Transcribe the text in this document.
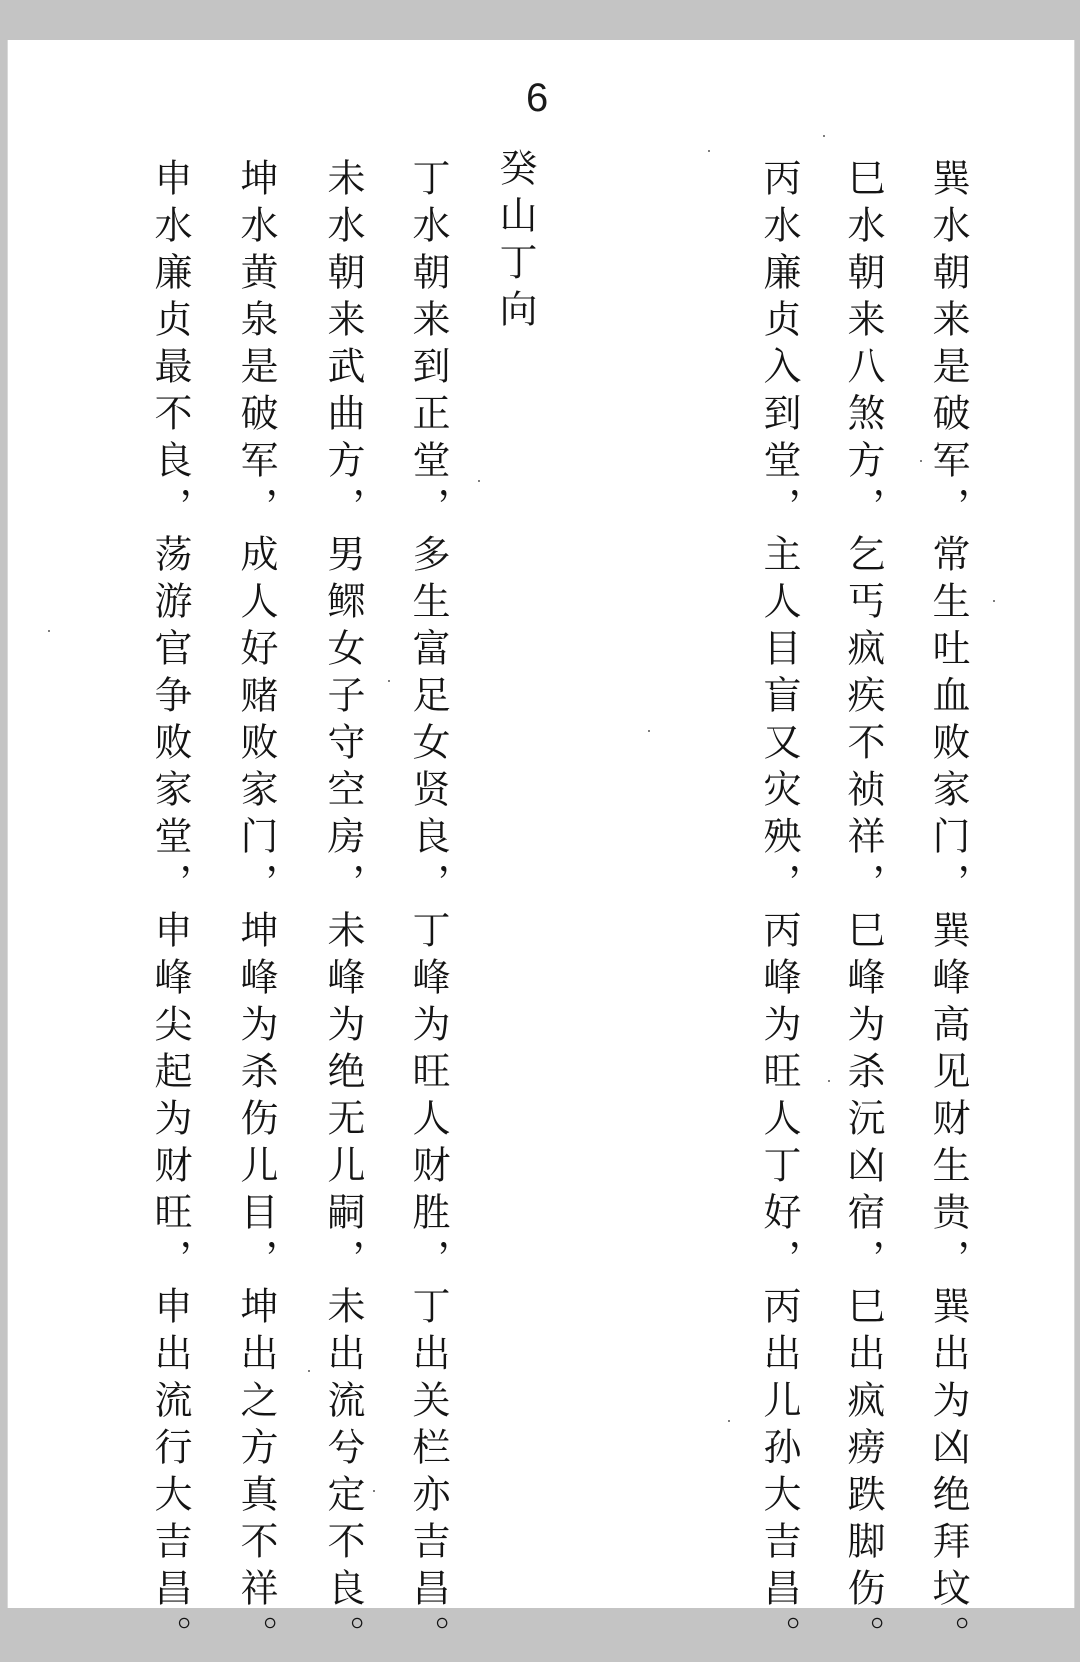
6
巽水朝来是破军，常生吐血败家门，巽峰高见财生贵，巽出为凶绝拜坟。
巳水朝来八煞方，乞丐疯疾不祯祥，巳峰为杀沅凶宿，巳出疯痨跌脚伤。
丙水廉贞入到堂，主人目盲又灾殃，丙峰为旺人丁好，丙出儿孙大吉昌。
癸山丁向
丁水朝来到正堂，多生富足女贤良，丁峰为旺人财胜，丁出关栏亦吉昌。
未水朝来武曲方，男鳏女子守空房，未峰为绝无儿嗣，未出流兮定不良。
坤水黄泉是破军，成人好赌败家门，坤峰为杀伤儿目，坤出之方真不祥。
申水廉贞最不良，荡游官争败家堂，申峰尖起为财旺，申出流行大吉昌。
